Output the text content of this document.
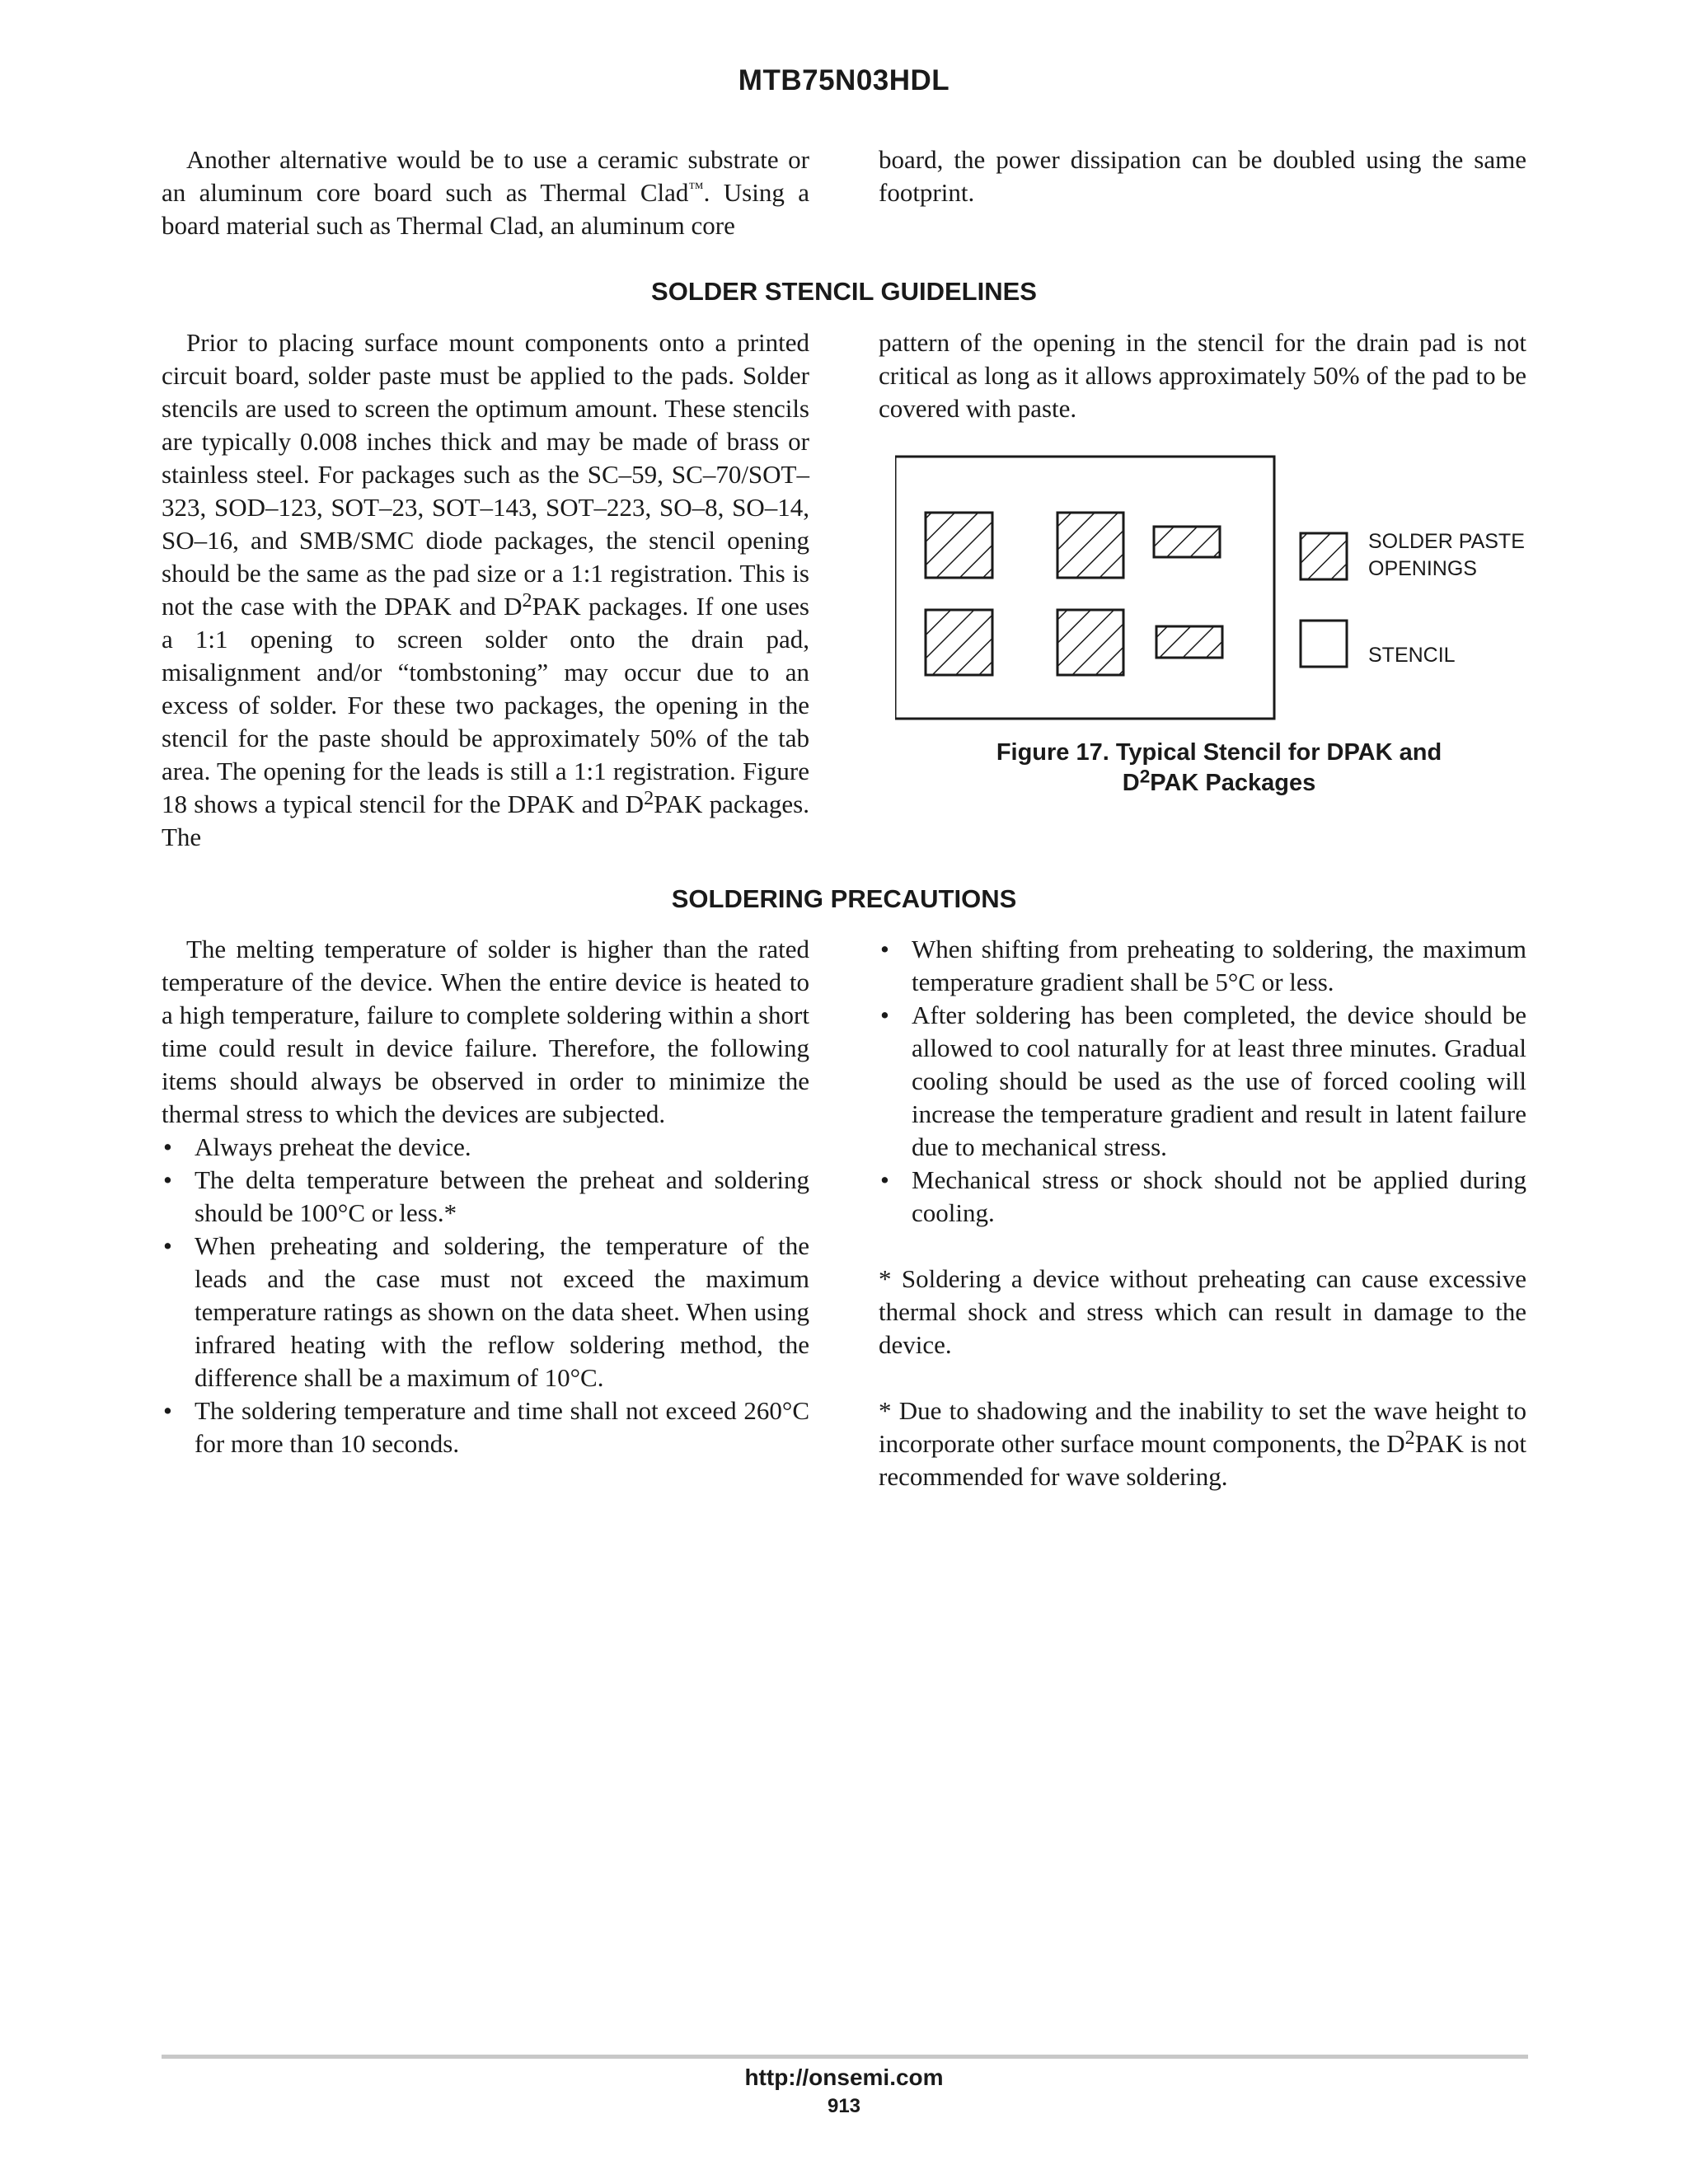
MTB75N03HDL

Another alternative would be to use a ceramic substrate or an aluminum core board such as Thermal Clad™. Using a board material such as Thermal Clad, an aluminum core

board, the power dissipation can be doubled using the same footprint.

SOLDER STENCIL GUIDELINES

Prior to placing surface mount components onto a printed circuit board, solder paste must be applied to the pads. Solder stencils are used to screen the optimum amount. These stencils are typically 0.008 inches thick and may be made of brass or stainless steel. For packages such as the SC–59, SC–70/SOT–323, SOD–123, SOT–23, SOT–143, SOT–223, SO–8, SO–14, SO–16, and SMB/SMC diode packages, the stencil opening should be the same as the pad size or a 1:1 registration. This is not the case with the DPAK and $D^2PAK$ packages. If one uses a 1:1 opening to screen solder onto the drain pad, misalignment and/or “tombstoning” may occur due to an excess of solder. For these two packages, the opening in the stencil for the paste should be approximately 50% of the tab area. The opening for the leads is still a 1:1 registration. Figure 18 shows a typical stencil for the DPAK and $D^2PAK$ packages. The

pattern of the opening in the stencil for the drain pad is not critical as long as it allows approximately 50% of the pad to be covered with paste.

SOLDER PASTE
OPENINGS
STENCIL
Figure 17. Typical Stencil for DPAK and
$D^2PAK$ Packages
SOLDERING PRECAUTIONS

The melting temperature of solder is higher than the rated temperature of the device. When the entire device is heated to a high temperature, failure to complete soldering within a short time could result in device failure. Therefore, the following items should always be observed in order to minimize the thermal stress to which the devices are subjected.

• Always preheat the device.
• The delta temperature between the preheat and soldering should be 100°C or less.*
• When preheating and soldering, the temperature of the leads and the case must not exceed the maximum temperature ratings as shown on the data sheet. When using infrared heating with the reflow soldering method, the difference shall be a maximum of 10°C.
• The soldering temperature and time shall not exceed 260°C for more than 10 seconds.
• When shifting from preheating to soldering, the maximum temperature gradient shall be 5°C or less.
• After soldering has been completed, the device should be allowed to cool naturally for at least three minutes. Gradual cooling should be used as the use of forced cooling will increase the temperature gradient and result in latent failure due to mechanical stress.
• Mechanical stress or shock should not be applied during cooling.

* Soldering a device without preheating can cause excessive thermal shock and stress which can result in damage to the device.

* Due to shadowing and the inability to set the wave height to incorporate other surface mount components, the $D^2PAK$ is not recommended for wave soldering.

http://onsemi.com
913
